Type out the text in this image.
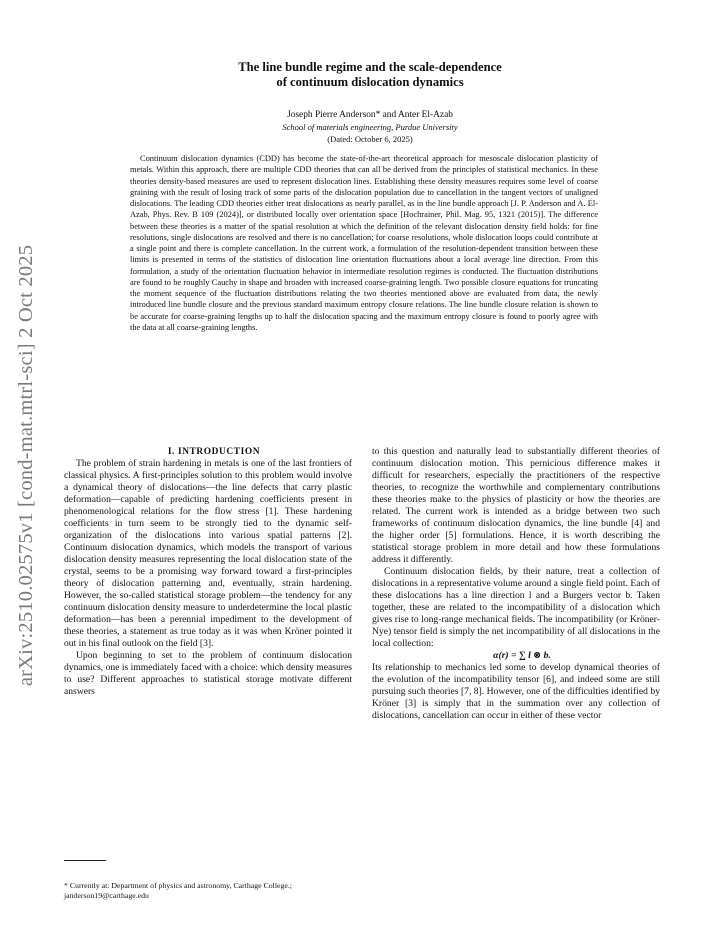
arXiv:2510.02575v1 [cond-mat.mtrl-sci] 2 Oct 2025
The line bundle regime and the scale-dependence
of continuum dislocation dynamics
Joseph Pierre Anderson* and Anter El-Azab
School of materials engineering, Purdue University
(Dated: October 6, 2025)

Continuum dislocation dynamics (CDD) has become the state-of-the-art theoretical approach for mesoscale dislocation plasticity of metals. Within this approach, there are multiple CDD theories that can all be derived from the principles of statistical mechanics. In these theories density-based measures are used to represent dislocation lines. Establishing these density measures requires some level of coarse graining with the result of losing track of some parts of the dislocation population due to cancellation in the tangent vectors of unaligned dislocations. The leading CDD theories either treat dislocations as nearly parallel, as in the line bundle approach [J. P. Anderson and A. El-Azab, Phys. Rev. B 109 (2024)], or distributed locally over orientation space [Hochrainer, Phil. Mag. 95, 1321 (2015)]. The difference between these theories is a matter of the spatial resolution at which the definition of the relevant dislocation density field holds: for fine resolutions, single dislocations are resolved and there is no cancellation; for coarse resolutions, whole dislocation loops could contribute at a single point and there is complete cancellation. In the current work, a formulation of the resolution-dependent transition between these limits is presented in terms of the statistics of dislocation line orientation fluctuations about a local average line direction. From this formulation, a study of the orientation fluctuation behavior in intermediate resolution regimes is conducted. The fluctuation distributions are found to be roughly Cauchy in shape and broaden with increased coarse-graining length. Two possible closure equations for truncating the moment sequence of the fluctuation distributions relating the two theories mentioned above are evaluated from data, the newly introduced line bundle closure and the previous standard maximum entropy closure relations. The line bundle closure relation is shown to be accurate for coarse-graining lengths up to half the dislocation spacing and the maximum entropy closure is found to poorly agree with the data at all coarse-graining lengths.

I. INTRODUCTION

The problem of strain hardening in metals is one of the last frontiers of classical physics. A first-principles solution to this problem would involve a dynamical theory of dislocations—the line defects that carry plastic deformation—capable of predicting hardening coefficients present in phenomenological relations for the flow stress [1]. These hardening coefficients in turn seem to be strongly tied to the dynamic self-organization of the dislocations into various spatial patterns [2]. Continuum dislocation dynamics, which models the transport of various dislocation density measures representing the local dislocation state of the crystal, seems to be a promising way forward toward a first-principles theory of dislocation patterning and, eventually, strain hardening. However, the so-called statistical storage problem—the tendency for any continuum dislocation density measure to underdetermine the local plastic deformation—has been a perennial impediment to the development of these theories, a statement as true today as it was when Kröner pointed it out in his final outlook on the field [3].

Upon beginning to set to the problem of continuum dislocation dynamics, one is immediately faced with a choice: which density measures to use? Different approaches to statistical storage motivate different answers

to this question and naturally lead to substantially different theories of continuum dislocation motion. This pernicious difference makes it difficult for researchers, especially the practitioners of the respective theories, to recognize the worthwhile and complementary contributions these theories make to the physics of plasticity or how the theories are related. The current work is intended as a bridge between two such frameworks of continuum dislocation dynamics, the line bundle [4] and the higher order [5] formulations. Hence, it is worth describing the statistical storage problem in more detail and how these formulations address it differently.

Continuum dislocation fields, by their nature, treat a collection of dislocations in a representative volume around a single field point. Each of these dislocations has a line direction l and a Burgers vector b. Taken together, these are related to the incompatibility of a dislocation which gives rise to long-range mechanical fields. The incompatibility (or Kröner-Nye) tensor field is simply the net incompatibility of all dislocations in the local collection:

α(r) = ∑ l ⊗ b.

Its relationship to mechanics led some to develop dynamical theories of the evolution of the incompatibility tensor [6], and indeed some are still pursuing such theories [7, 8]. However, one of the difficulties identified by Kröner [3] is simply that in the summation over any collection of dislocations, cancellation can occur in either of these vector

* Currently at: Department of physics and astronomy, Carthage College.; janderson19@carthage.edu
